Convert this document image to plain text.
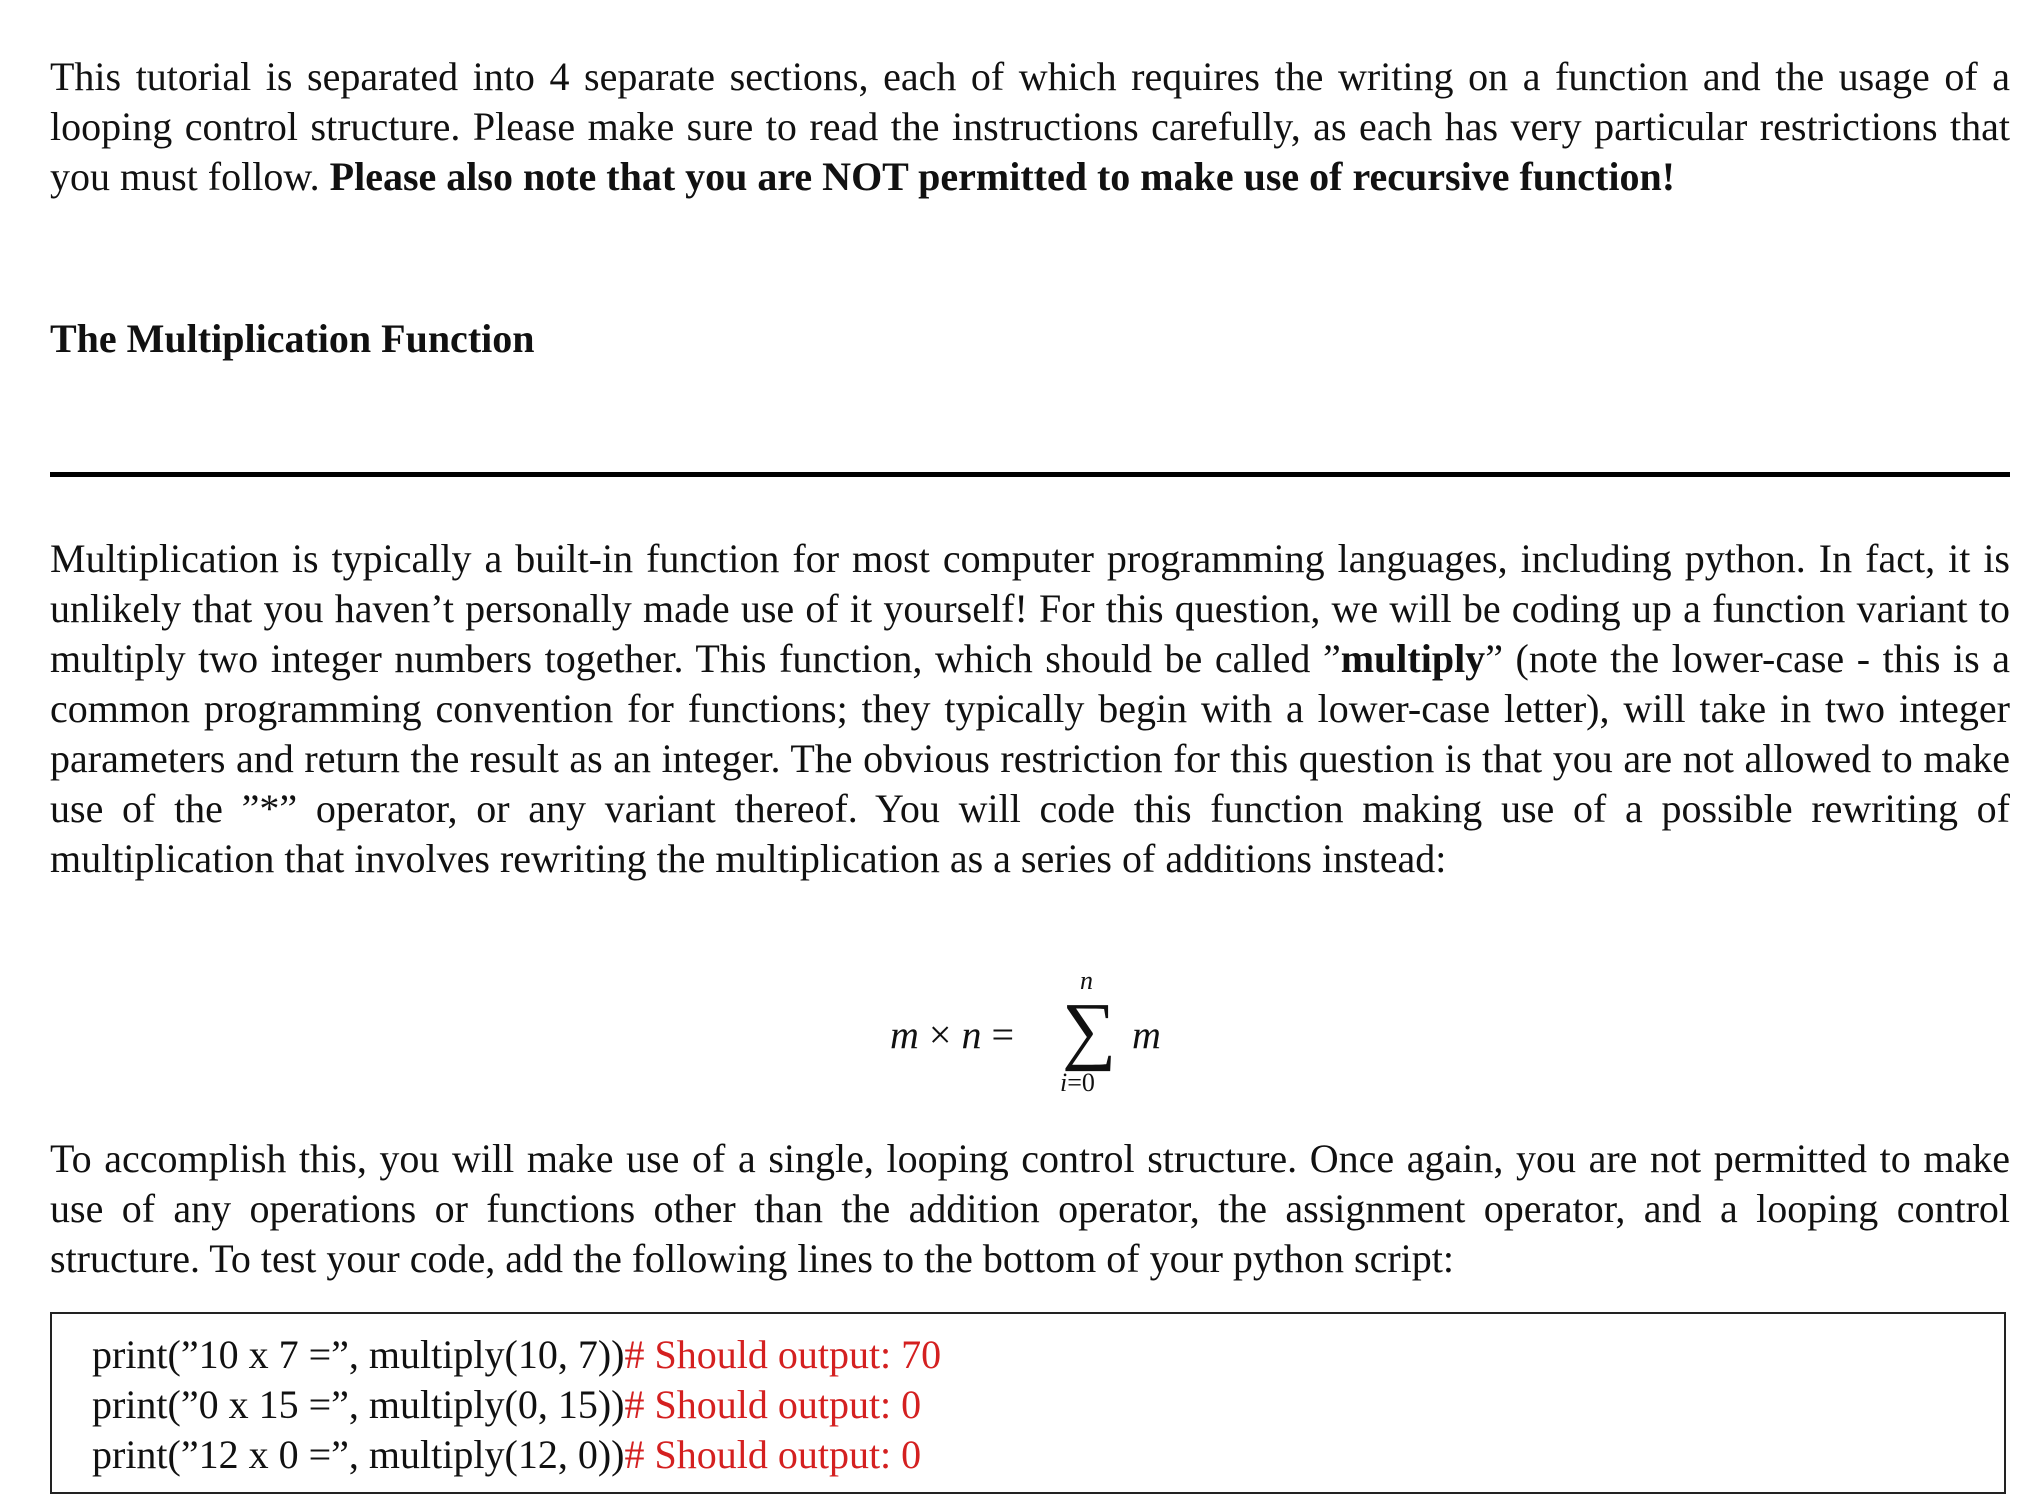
This tutorial is separated into 4 separate sections, each of which requires the writing on a function and the usage of a looping control structure. Please make sure to read the instructions carefully, as each has very particular restrictions that you must follow. Please also note that you are NOT permitted to make use of recursive function!

The Multiplication Function

Multiplication is typically a built-in function for most computer programming languages, including python. In fact, it is unlikely that you haven’t personally made use of it yourself! For this question, we will be coding up a function variant to multiply two integer numbers together. This function, which should be called ”multiply” (note the lower-case - this is a common programming convention for functions; they typically begin with a lower-case letter), will take in two integer parameters and return the result as an integer. The obvious restriction for this question is that you are not allowed to make use of the ”*” operator, or any variant thereof. You will code this function making use of a possible rewriting of multiplication that involves rewriting the multiplication as a series of additions instead:

m × n =
n
∑
i=0
m

To accomplish this, you will make use of a single, looping control structure. Once again, you are not permitted to make use of any operations or functions other than the addition operator, the assignment operator, and a looping control structure. To test your code, add the following lines to the bottom of your python script:

print(”10 x 7 =”, multiply(10, 7))# Should output: 70
print(”0 x 15 =”, multiply(0, 15))# Should output: 0
print(”12 x 0 =”, multiply(12, 0))# Should output: 0
